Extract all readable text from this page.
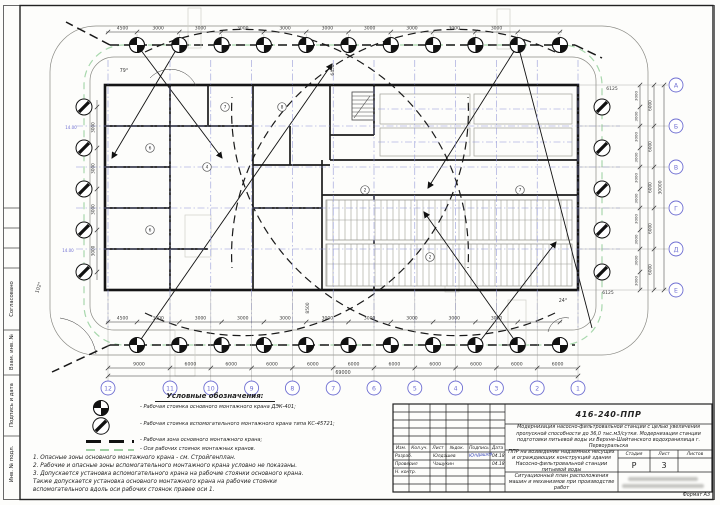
4500	3000	3000	3000	3000	3000	3000	3000	3000	3000
4500	3000	3000	3000	3000	3000	3000	3000	3000	3000
9000	6000	6000	6000	6000	6000	6000	6000	6000	6000	6000
69000
12	11	10	9	8	7	6	5	4	3	2	1
3000
3000
3000
3000
3000
3000
3000
3000
3000
3000
6000
6000
6000
6000
6000
30000
А
Б
В
Г
Д
Е
3000
3000
3000
3000
6125
6125
8500
6450
14.00
14.00
79°
102°
24°
7	8
6
4
6
2	7
2
Согласовано
Взам. инв. №
Подпись и дата
Инв. № подл.
Условные обозначения:
- Рабочая стоянка основного монтажного крана ДЭК-401;
- Рабочая стоянка вспомогательного монтажного крана типа КС-45721;
- Рабочая зона основного монтажного крана;
- Оси рабочих стоянок монтажных кранов.
1. Опасные зоны основного монтажного крана - см. Стройгенплан.
2. Рабочие и опасные зоны вспомогательного монтажного крана условно не показаны.
3. Допускается установка вспомогательного крана на рабочие стоянки основного крана.
Также допускается установка основного монтажного крана на рабочие стоянки
вспомогательного вдоль оси рабочих стоянок правее оси 1.
416-240-ППР
Модернизация насосно-фильтровальной станции с целью увеличения пропускной способности до 36,0 тыс.м3/сутки. Модернизация станции подготовки питьевой воды из Верхне-Шайтанского водохранилища г. Первоуральска
ППР на возведение надземных несущих и ограждающих конструкций здания Насосно-фильтровальной станции питьевой воды
Ситуационный план расположения машин и механизмов при производстве работ
Изм.	Кол.уч.	Лист	№док.	Подпись Дата
Разраб.	Юлдашев	Юлдашев 04.18
Проверил	Чащукин	04.18
Н. контр.
Стадия	Лист	Листов
Р	3
Формат А3
